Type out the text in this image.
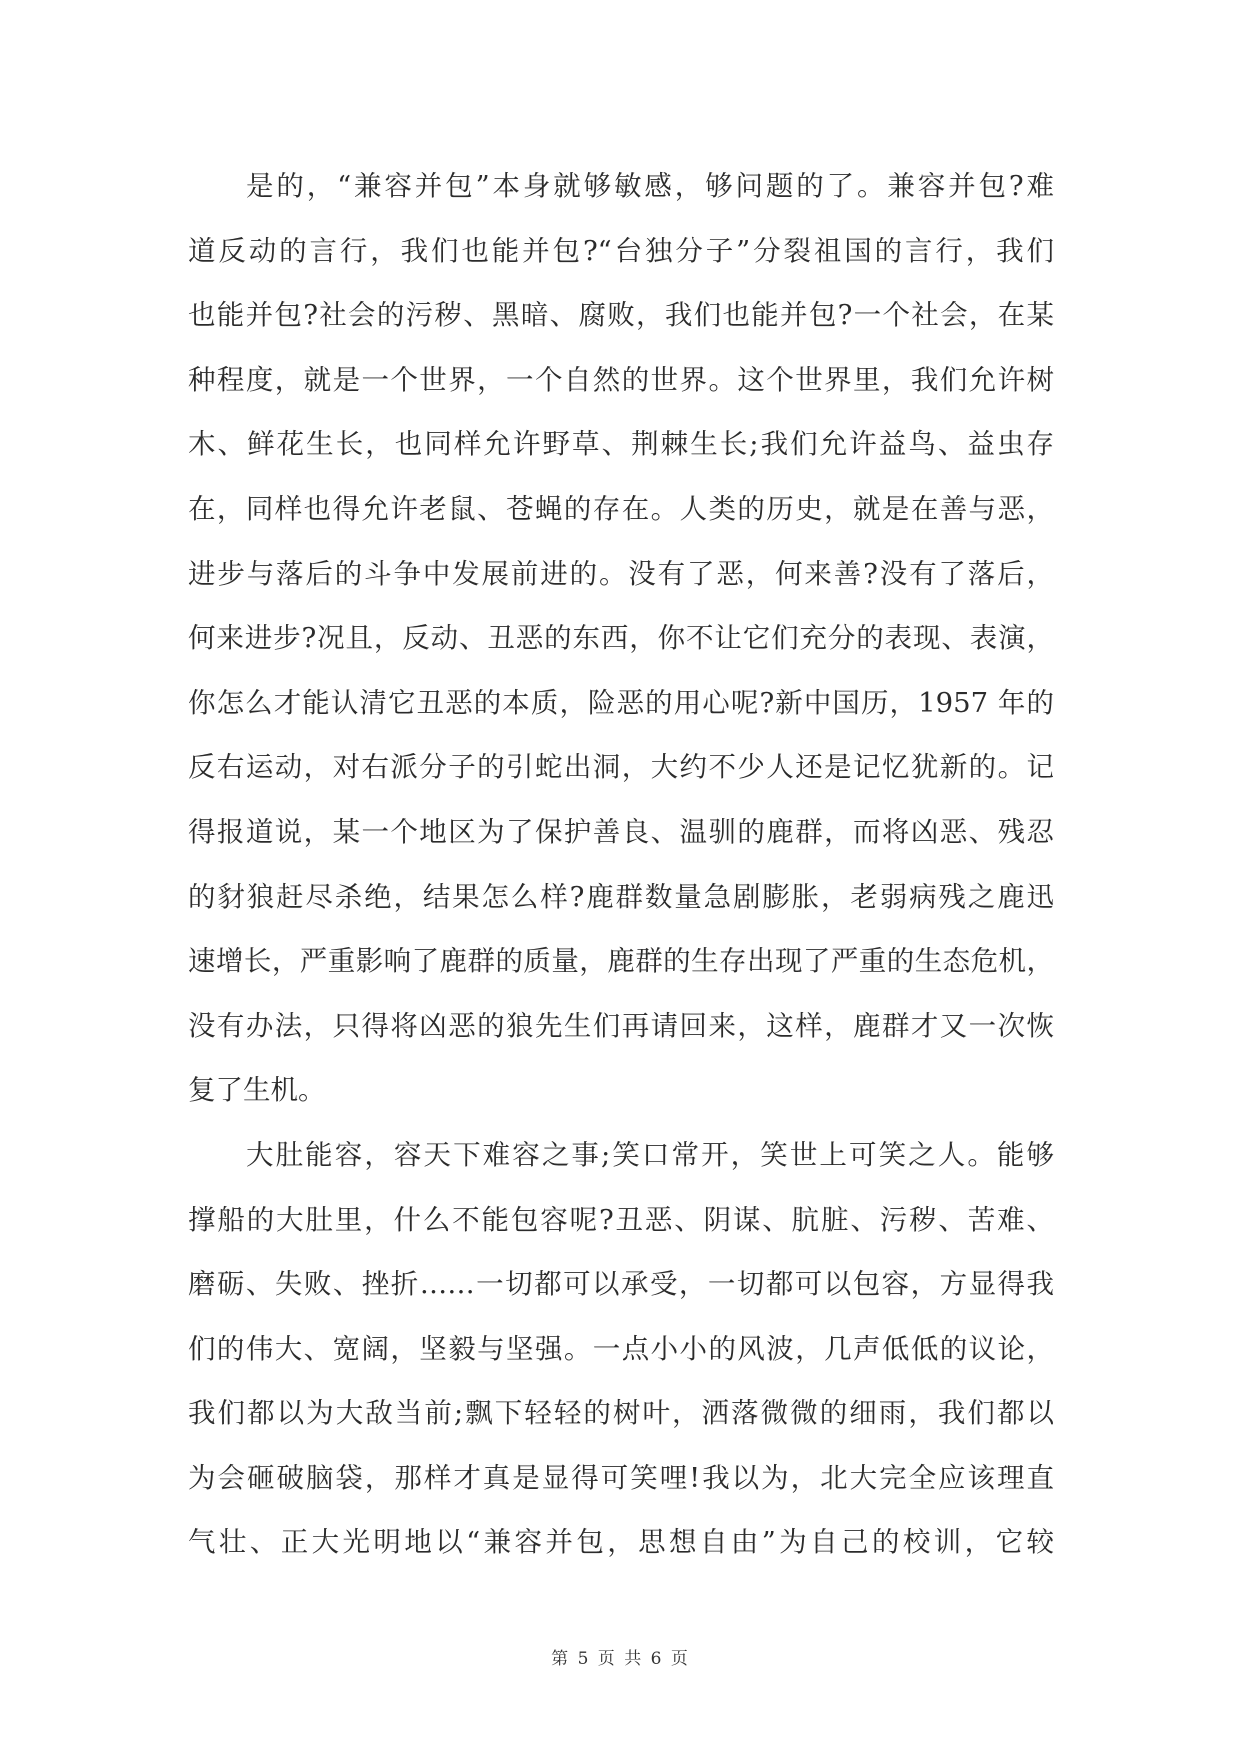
是的，“兼容并包”本身就够敏感，够问题的了。兼容并包?难
道反动的言行，我们也能并包?“台独分子”分裂祖国的言行，我们
也能并包?社会的污秽、黑暗、腐败，我们也能并包?一个社会，在某
种程度，就是一个世界，一个自然的世界。这个世界里，我们允许树
木、鲜花生长，也同样允许野草、荆棘生长;我们允许益鸟、益虫存
在，同样也得允许老鼠、苍蝇的存在。人类的历史，就是在善与恶，
进步与落后的斗争中发展前进的。没有了恶，何来善?没有了落后，
何来进步?况且，反动、丑恶的东西，你不让它们充分的表现、表演，
你怎么才能认清它丑恶的本质，险恶的用心呢?新中国历，1957 年的
反右运动，对右派分子的引蛇出洞，大约不少人还是记忆犹新的。记
得报道说，某一个地区为了保护善良、温驯的鹿群，而将凶恶、残忍
的豺狼赶尽杀绝，结果怎么样?鹿群数量急剧膨胀，老弱病残之鹿迅
速增长，严重影响了鹿群的质量，鹿群的生存出现了严重的生态危机，
没有办法，只得将凶恶的狼先生们再请回来，这样，鹿群才又一次恢
复了生机。
大肚能容，容天下难容之事;笑口常开，笑世上可笑之人。能够
撑船的大肚里，什么不能包容呢?丑恶、阴谋、肮脏、污秽、苦难、
磨砺、失败、挫折……一切都可以承受，一切都可以包容，方显得我
们的伟大、宽阔，坚毅与坚强。一点小小的风波，几声低低的议论，
我们都以为大敌当前;飘下轻轻的树叶，洒落微微的细雨，我们都以
为会砸破脑袋，那样才真是显得可笑哩!我以为，北大完全应该理直
气壮、正大光明地以“兼容并包，思想自由”为自己的校训，它较
第 5 页 共 6 页
